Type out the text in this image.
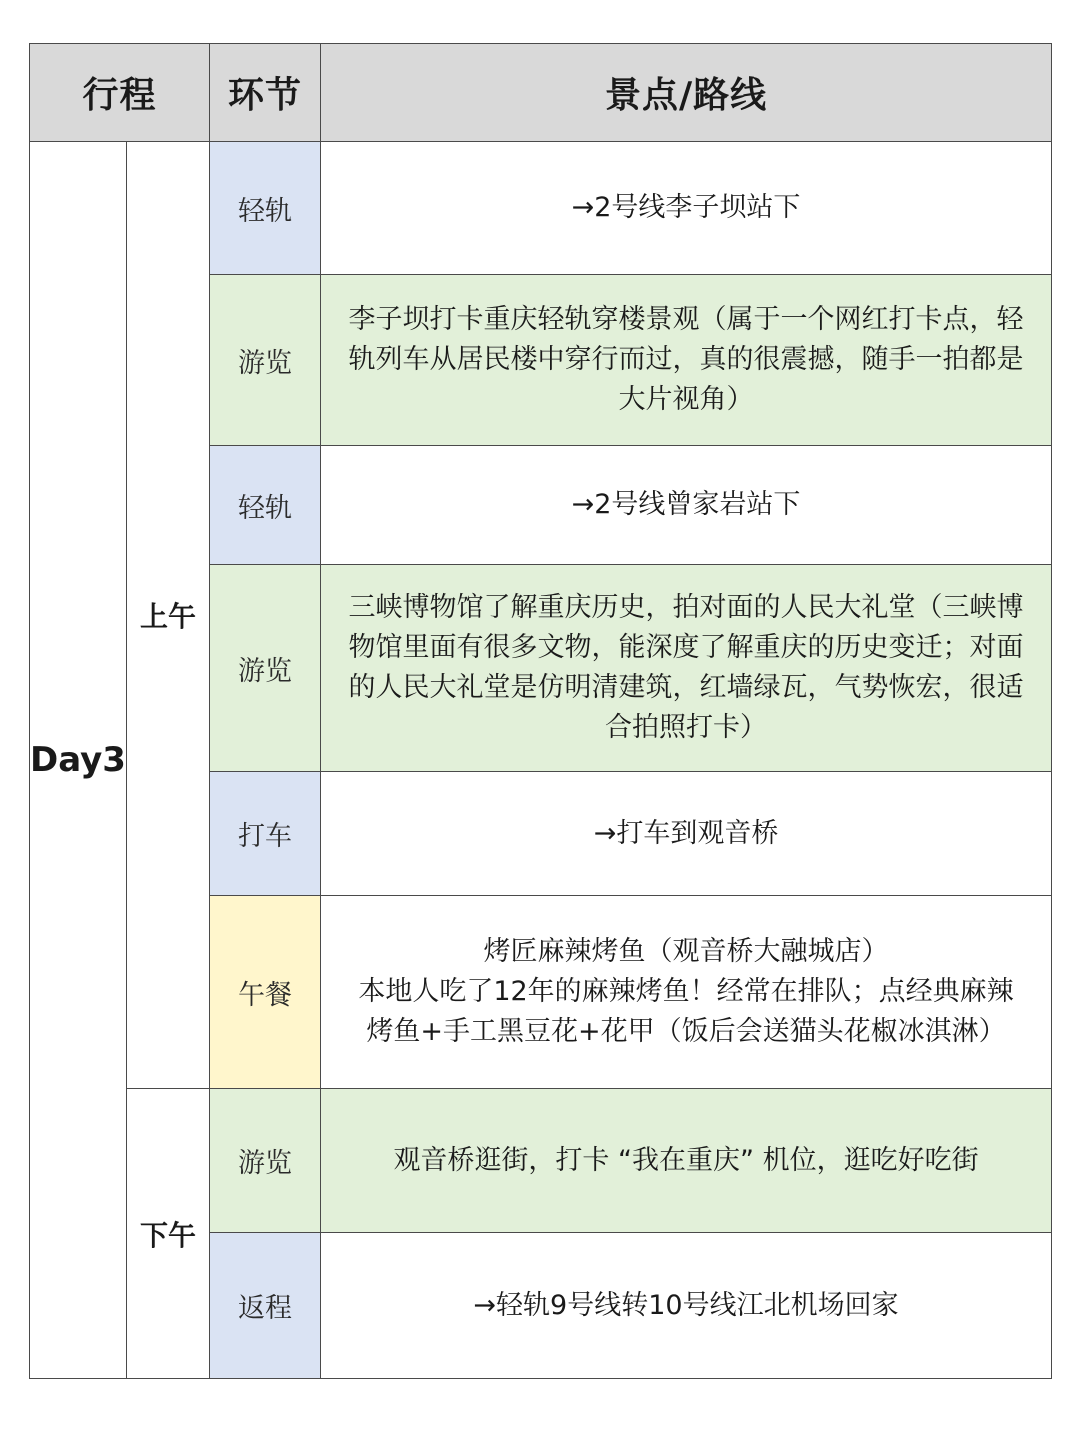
行程		环节	景点/路线
Day3	上午	轻轨	→2号线李子坝站下

		游览	李子坝打卡重庆轻轨穿楼景观（属于一个网红打卡点，轻
轨列车从居民楼中穿行而过，真的很震撼，随手一拍都是
大片视角）

		轻轨	→2号线曾家岩站下

		游览	三峡博物馆了解重庆历史，拍对面的人民大礼堂（三峡博
物馆里面有很多文物，能深度了解重庆的历史变迁；对面
的人民大礼堂是仿明清建筑，红墙绿瓦，气势恢宏，很适
合拍照打卡）

		打车	→打车到观音桥

		午餐	烤匠麻辣烤鱼（观音桥大融城店）
本地人吃了12年的麻辣烤鱼！经常在排队；点经典麻辣
烤鱼+手工黑豆花+花甲（饭后会送猫头花椒冰淇淋）

	下午	游览	观音桥逛街，打卡 “我在重庆” 机位，逛吃好吃街

		返程	→轻轨9号线转10号线江北机场回家
